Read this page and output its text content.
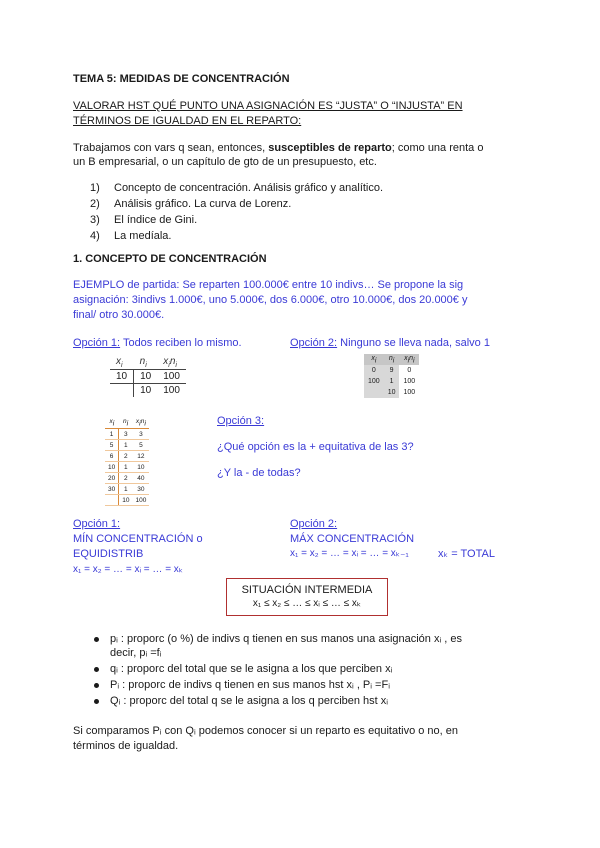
TEMA 5: MEDIDAS DE CONCENTRACIÓN
VALORAR HST QUÉ PUNTO UNA ASIGNACIÓN ES “JUSTA” O “INJUSTA” EN
TÉRMINOS DE IGUALDAD EN EL REPARTO:
Trabajamos con vars q sean, entonces, susceptibles de reparto; como una renta o
un B empresarial, o un capítulo de gto de un presupuesto, etc.
1) Concepto de concentración. Análisis gráfico y analítico.
2) Análisis gráfico. La curva de Lorenz.
3) El índice de Gini.
4) La medíala.
1. CONCEPTO DE CONCENTRACIÓN
EJEMPLO de partida: Se reparten 100.000€ entre 10 indivs… Se propone la sig
asignación: 3indivs 1.000€, uno 5.000€, dos 6.000€, otro 10.000€, dos 20.000€ y
final/ otro 30.000€.
Opción 1: Todos reciben lo mismo.	Opción 2: Ninguno se lleva nada, salvo 1
$x_i$	$n_i$	$x_in_i$
10	10	100
	10	100
$x_i$	$n_i$	$x_in_i$
0	9	0
100	1	100
	10	100
$x_i$	$n_i$	$x_in_i$
1	3	3
5	1	5
6	2	12
10	1	10
20	2	40
30	1	30
	10	100
Opción 3:
¿Qué opción es la + equitativa de las 3?
¿Y la - de todas?
Opción 1:
MÍN CONCENTRACIÓN o
EQUIDISTRIB
x₁ = x₂ = … = xᵢ = … = xₖ
Opción 2:
MÁX CONCENTRACIÓN
x₁ = x₂ = … = xᵢ = … = xₖ₋₁	xₖ = TOTAL
SITUACIÓN INTERMEDIA
x₁ ≤ x₂ ≤ … ≤ xᵢ ≤ … ≤ xₖ
pᵢ : proporc (o %) de indivs q tienen en sus manos una asignación xᵢ , es
decir, pᵢ =fᵢ
qᵢ : proporc del total que se le asigna a los que perciben xᵢ
Pᵢ : proporc de indivs q tienen en sus manos hst xᵢ , Pᵢ =Fᵢ
Qᵢ : proporc del total q se le asigna a los q perciben hst xᵢ
Si comparamos Pᵢ con Qᵢ podemos conocer si un reparto es equitativo o no, en
términos de igualdad.
